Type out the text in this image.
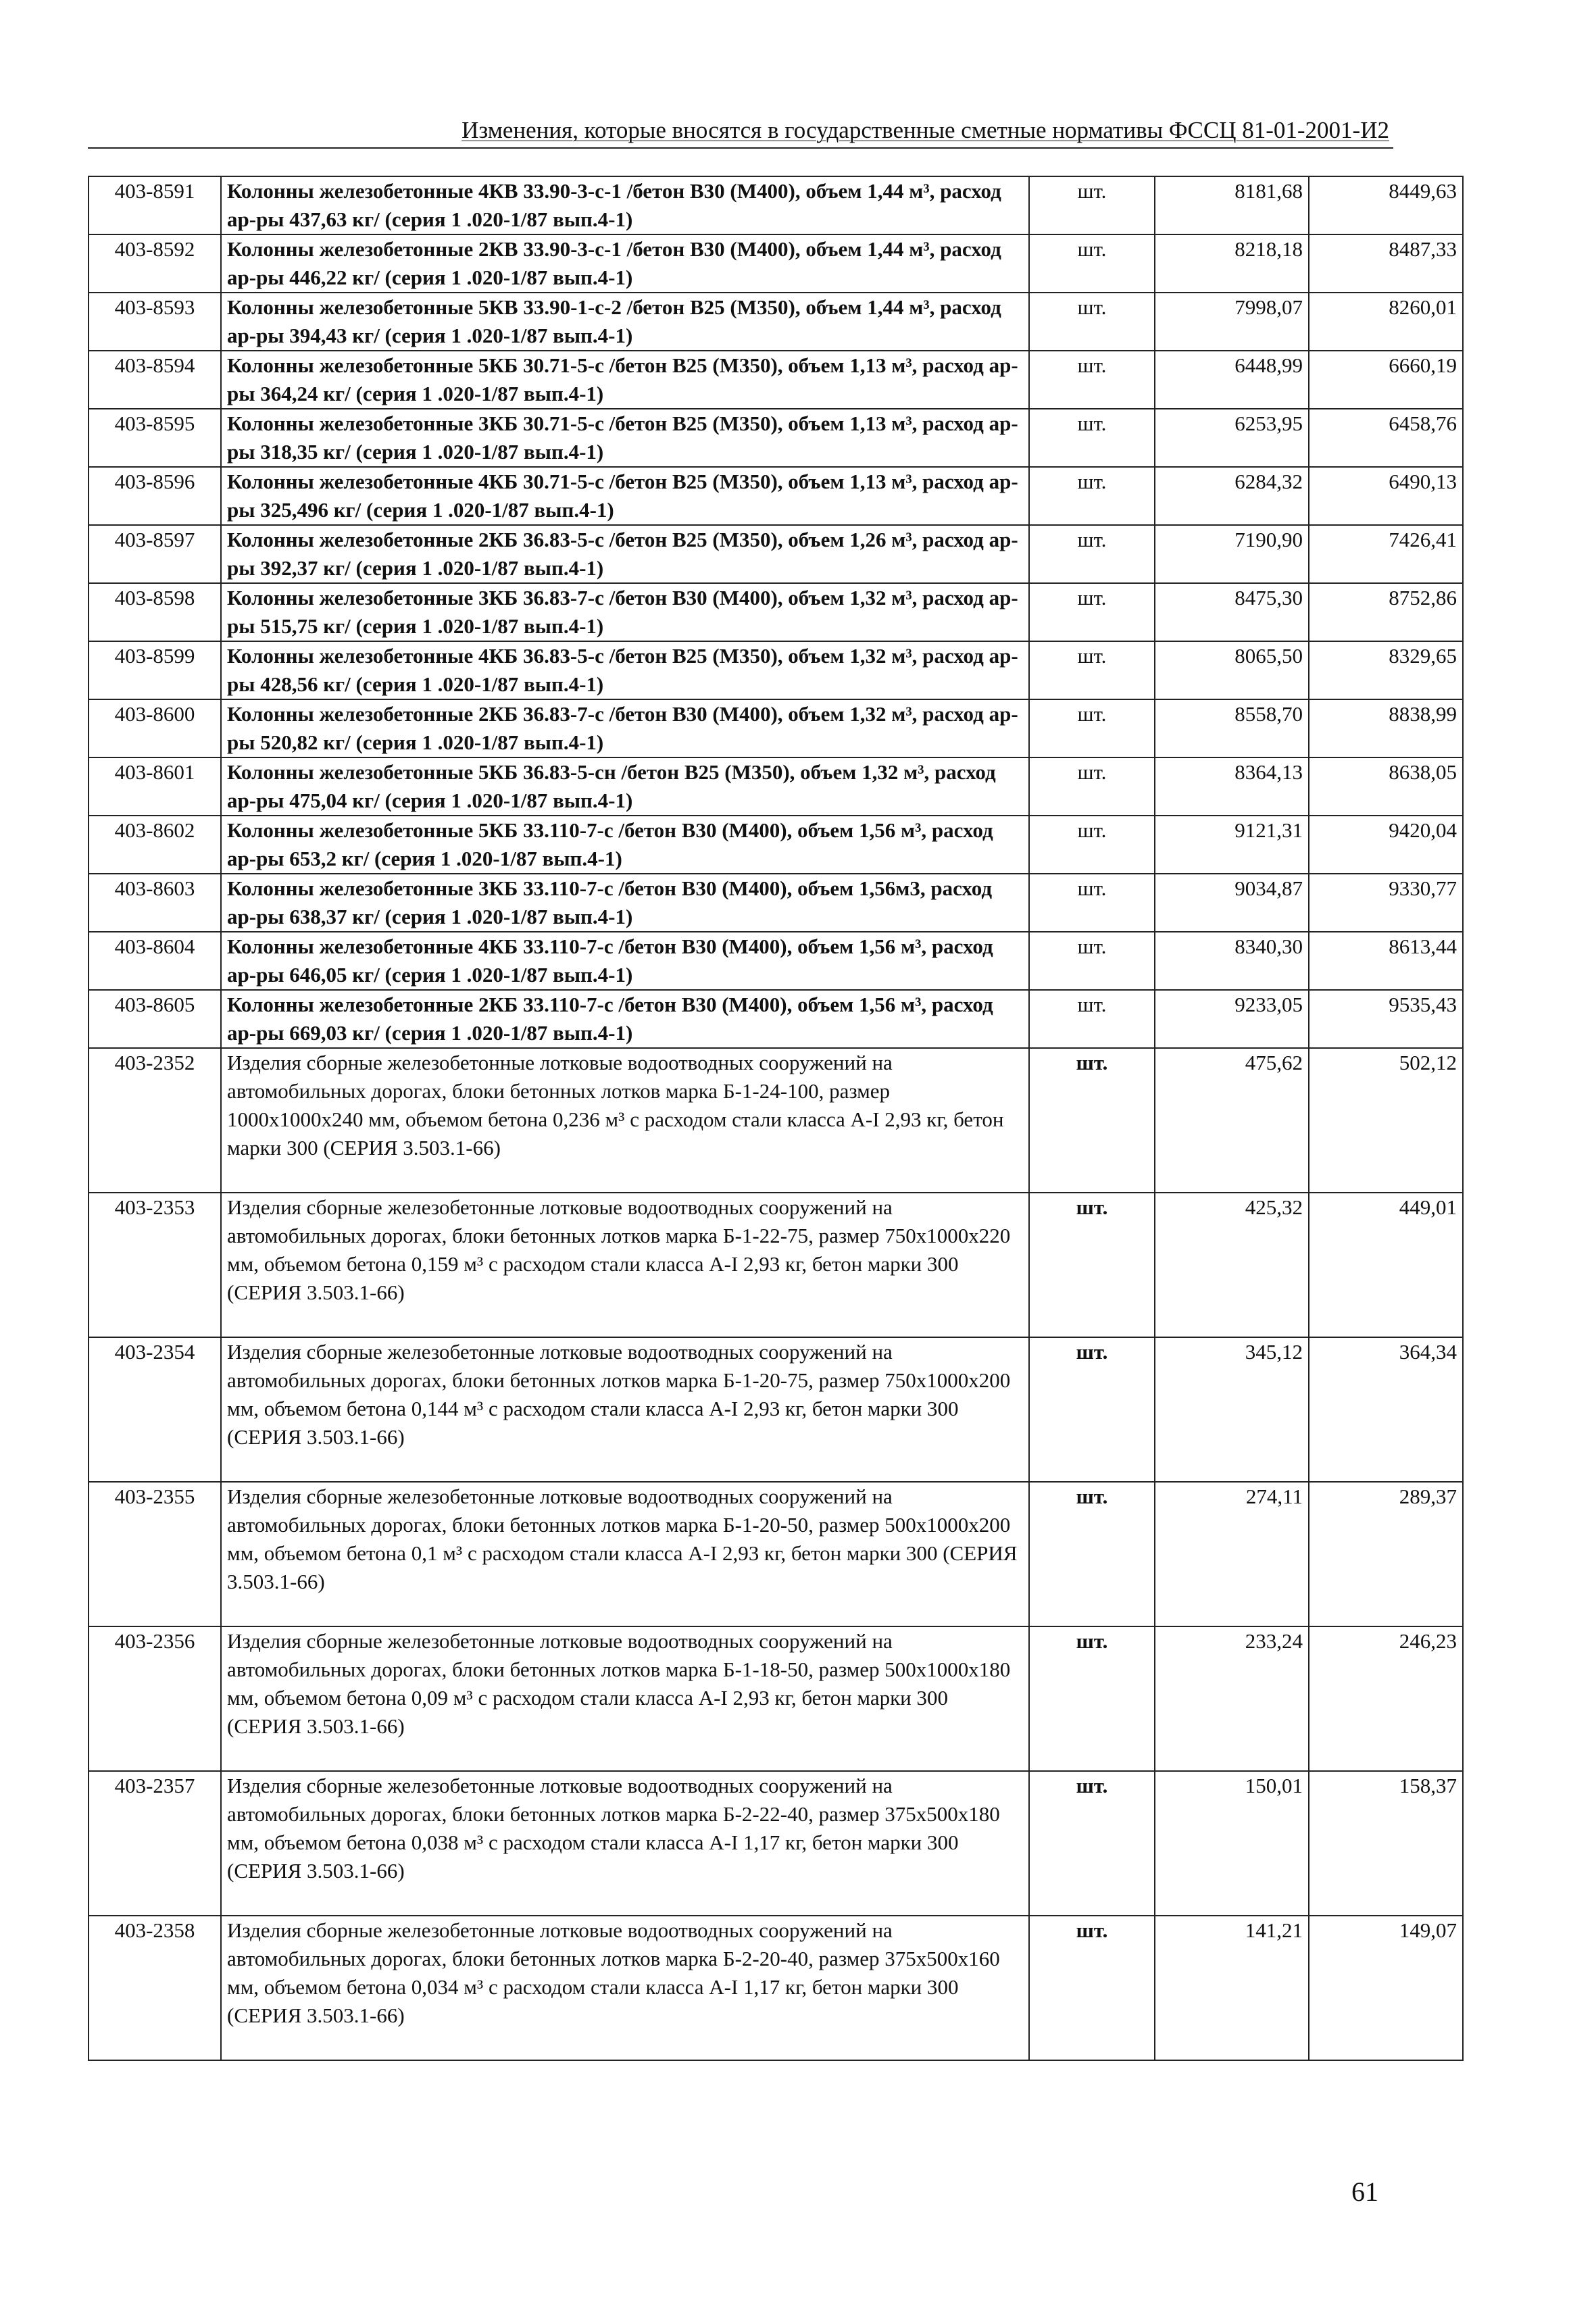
Изменения, которые вносятся в государственные сметные нормативы ФССЦ 81-01-2001-И2
403-8591	Колонны железобетонные 4КВ 33.90-3-с-1 /бетон В30 (М400), объем 1,44 м³, расход ар-ры 437,63 кг/ (серия 1 .020-1/87 вып.4-1)	шт.	8181,68	8449,63
403-8592	Колонны железобетонные 2КВ 33.90-3-с-1 /бетон В30 (М400), объем 1,44 м³, расход ар-ры 446,22 кг/ (серия 1 .020-1/87 вып.4-1)	шт.	8218,18	8487,33
403-8593	Колонны железобетонные 5КВ 33.90-1-с-2 /бетон В25 (М350), объем 1,44 м³, расход ар-ры 394,43 кг/ (серия 1 .020-1/87 вып.4-1)	шт.	7998,07	8260,01
403-8594	Колонны железобетонные 5КБ 30.71-5-с /бетон В25 (М350), объем 1,13 м³, расход ар-ры 364,24 кг/ (серия 1 .020-1/87 вып.4-1)	шт.	6448,99	6660,19
403-8595	Колонны железобетонные 3КБ 30.71-5-с /бетон В25 (М350), объем 1,13 м³, расход ар-ры 318,35 кг/ (серия 1 .020-1/87 вып.4-1)	шт.	6253,95	6458,76
403-8596	Колонны железобетонные 4КБ 30.71-5-с /бетон В25 (М350), объем 1,13 м³, расход ар-ры 325,496 кг/ (серия 1 .020-1/87 вып.4-1)	шт.	6284,32	6490,13
403-8597	Колонны железобетонные 2КБ 36.83-5-с /бетон В25 (М350), объем 1,26 м³, расход ар-ры 392,37 кг/ (серия 1 .020-1/87 вып.4-1)	шт.	7190,90	7426,41
403-8598	Колонны железобетонные 3КБ 36.83-7-с /бетон В30 (М400), объем 1,32 м³, расход ар-ры 515,75 кг/ (серия 1 .020-1/87 вып.4-1)	шт.	8475,30	8752,86
403-8599	Колонны железобетонные 4КБ 36.83-5-с /бетон В25 (М350), объем 1,32 м³, расход ар-ры 428,56 кг/ (серия 1 .020-1/87 вып.4-1)	шт.	8065,50	8329,65
403-8600	Колонны железобетонные 2КБ 36.83-7-с /бетон В30 (М400), объем 1,32 м³, расход ар-ры 520,82 кг/ (серия 1 .020-1/87 вып.4-1)	шт.	8558,70	8838,99
403-8601	Колонны железобетонные 5КБ 36.83-5-сн /бетон В25 (М350), объем 1,32 м³, расход ар-ры 475,04 кг/ (серия 1 .020-1/87 вып.4-1)	шт.	8364,13	8638,05
403-8602	Колонны железобетонные 5КБ 33.110-7-с /бетон В30 (М400), объем 1,56 м³, расход ар-ры 653,2 кг/ (серия 1 .020-1/87 вып.4-1)	шт.	9121,31	9420,04
403-8603	Колонны железобетонные 3КБ 33.110-7-с /бетон В30 (М400), объем 1,56м3, расход ар-ры 638,37 кг/ (серия 1 .020-1/87 вып.4-1)	шт.	9034,87	9330,77
403-8604	Колонны железобетонные 4КБ 33.110-7-с /бетон В30 (М400), объем 1,56 м³, расход ар-ры 646,05 кг/ (серия 1 .020-1/87 вып.4-1)	шт.	8340,30	8613,44
403-8605	Колонны железобетонные 2КБ 33.110-7-с /бетон В30 (М400), объем 1,56 м³, расход ар-ры 669,03 кг/ (серия 1 .020-1/87 вып.4-1)	шт.	9233,05	9535,43
403-2352	Изделия сборные железобетонные лотковые водоотводных сооружений на автомобильных дорогах, блоки бетонных лотков марка Б-1-24-100, размер 1000х1000х240 мм, объемом бетона 0,236 м³ с расходом стали класса А-I 2,93 кг, бетон марки 300 (СЕРИЯ 3.503.1-66)	шт.	475,62	502,12
403-2353	Изделия сборные железобетонные лотковые водоотводных сооружений на автомобильных дорогах, блоки бетонных лотков марка Б-1-22-75, размер 750х1000х220 мм, объемом бетона 0,159 м³ с расходом стали класса А-I 2,93 кг, бетон марки 300 (СЕРИЯ 3.503.1-66)	шт.	425,32	449,01
403-2354	Изделия сборные железобетонные лотковые водоотводных сооружений на автомобильных дорогах, блоки бетонных лотков марка Б-1-20-75, размер 750х1000х200 мм, объемом бетона 0,144 м³ с расходом стали класса А-I 2,93 кг, бетон марки 300 (СЕРИЯ 3.503.1-66)	шт.	345,12	364,34
403-2355	Изделия сборные железобетонные лотковые водоотводных сооружений на автомобильных дорогах, блоки бетонных лотков марка Б-1-20-50, размер 500х1000х200 мм, объемом бетона 0,1 м³ с расходом стали класса А-I 2,93 кг, бетон марки 300 (СЕРИЯ 3.503.1-66)	шт.	274,11	289,37
403-2356	Изделия сборные железобетонные лотковые водоотводных сооружений на автомобильных дорогах, блоки бетонных лотков марка Б-1-18-50, размер 500х1000х180 мм, объемом бетона 0,09 м³ с расходом стали класса А-I 2,93 кг, бетон марки 300 (СЕРИЯ 3.503.1-66)	шт.	233,24	246,23
403-2357	Изделия сборные железобетонные лотковые водоотводных сооружений на автомобильных дорогах, блоки бетонных лотков марка Б-2-22-40, размер 375х500х180 мм, объемом бетона 0,038 м³ с расходом стали класса А-I 1,17 кг, бетон марки 300 (СЕРИЯ 3.503.1-66)	шт.	150,01	158,37
403-2358	Изделия сборные железобетонные лотковые водоотводных сооружений на автомобильных дорогах, блоки бетонных лотков марка Б-2-20-40, размер 375х500х160 мм, объемом бетона 0,034 м³ с расходом стали класса А-I 1,17 кг, бетон марки 300 (СЕРИЯ 3.503.1-66)	шт.	141,21	149,07
61
